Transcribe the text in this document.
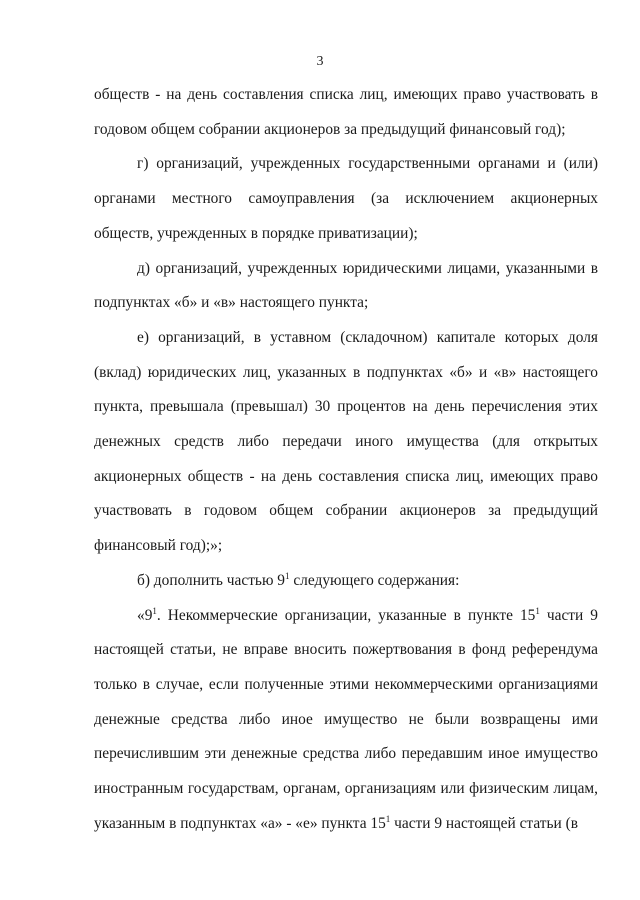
3

обществ - на день составления списка лиц, имеющих право участвовать в годовом общем собрании акционеров за предыдущий финансовый год);

г) организаций, учрежденных государственными органами и (или) органами местного самоуправления (за исключением акционерных обществ, учрежденных в порядке приватизации);

д) организаций, учрежденных юридическими лицами, указанными в подпунктах «б» и «в» настоящего пункта;

е) организаций, в уставном (складочном) капитале которых доля (вклад) юридических лиц, указанных в подпунктах «б» и «в» настоящего пункта, превышала (превышал) 30 процентов на день перечисления этих денежных средств либо передачи иного имущества (для открытых акционерных обществ - на день составления списка лиц, имеющих право участвовать в годовом общем собрании акционеров за предыдущий финансовый год);»;

б) дополнить частью $9^1$ следующего содержания:

«$9^1$. Некоммерческие организации, указанные в пункте $15^1$ части 9 настоящей статьи, не вправе вносить пожертвования в фонд референдума только в случае, если полученные этими некоммерческими организациями денежные средства либо иное имущество не были возвращены ими перечислившим эти денежные средства либо передавшим иное имущество иностранным государствам, органам, организациям или физическим лицам, указанным в подпунктах «а» - «е» пункта $15^1$ части 9 настоящей статьи (в
